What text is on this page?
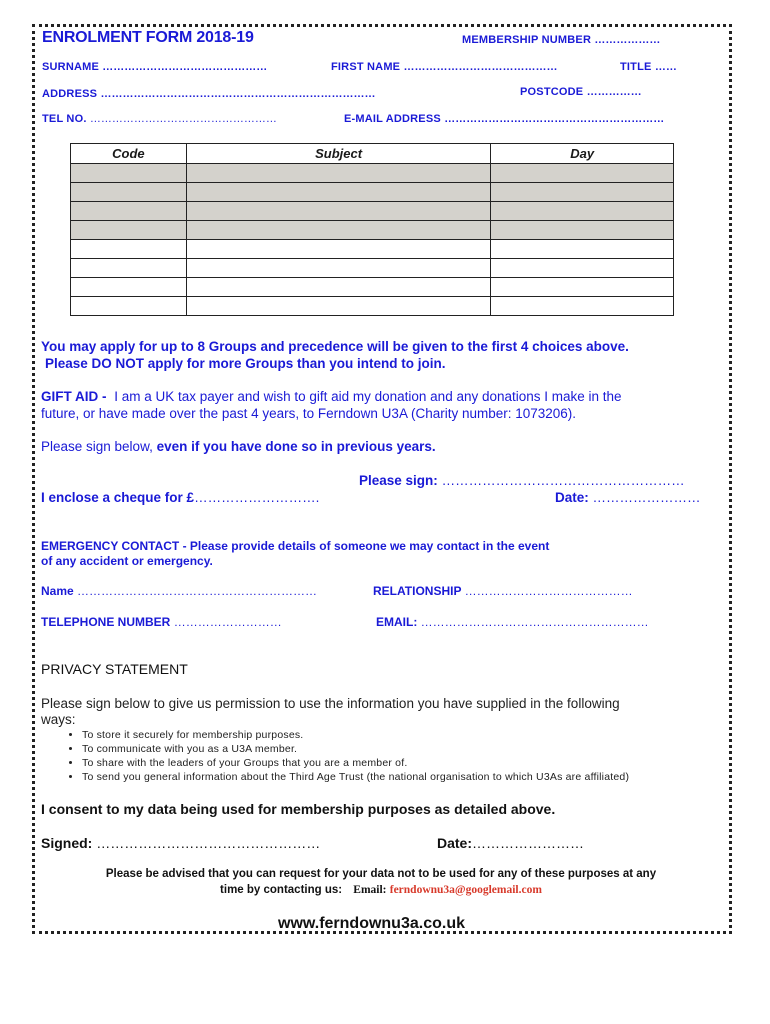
ENROLMENT FORM 2018-19	MEMBERSHIP NUMBER ………………
SURNAME ………………………………………	FIRST NAME ……………………………………	TITLE ……
ADDRESS …………………………………………………………………	POSTCODE ……………
TEL NO. ……………………………………………	E-MAIL ADDRESS ……………………………………………………
Code	Subject	Day

You may apply for up to 8 Groups and precedence will be given to the first 4 choices above.
Please DO NOT apply for more Groups than you intend to join.
GIFT AID - I am a UK tax payer and wish to gift aid my donation and any donations I make in the
future, or have made over the past 4 years, to Ferndown U3A (Charity number: 1073206).
Please sign below, even if you have done so in previous years.
Please sign: ………………………………………………
I enclose a cheque for £……………………….	Date: ……………………
EMERGENCY CONTACT - Please provide details of someone we may contact in the event
of any accident or emergency.
Name ……………………………………………………	RELATIONSHIP ……………………………………
TELEPHONE NUMBER ………………………	EMAIL: …………………………………………………
PRIVACY STATEMENT
Please sign below to give us permission to use the information you have supplied in the following
ways:
• To store it securely for membership purposes.
• To communicate with you as a U3A member.
• To share with the leaders of your Groups that you are a member of.
• To send you general information about the Third Age Trust (the national organisation to which U3As are affiliated)
I consent to my data being used for membership purposes as detailed above.
Signed: …………………………………………	Date:……………………
Please be advised that you can request for your data not to be used for any of these purposes at any
time by contacting us: Email: ferndownu3a@googlemail.com
www.ferndownu3a.co.uk
